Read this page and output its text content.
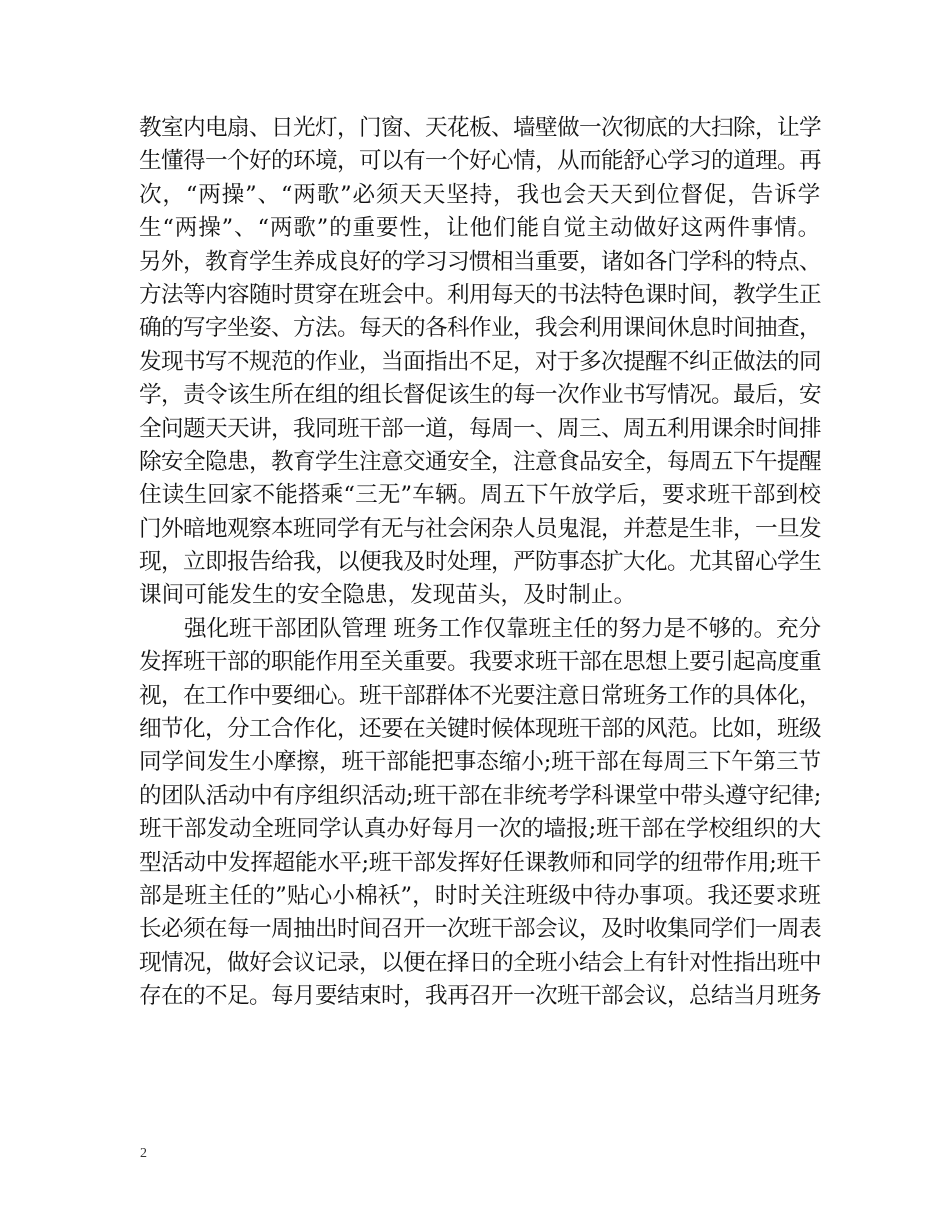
教室内电扇、日光灯，门窗、天花板、墙壁做一次彻底的大扫除，让学
生懂得一个好的环境，可以有一个好心情，从而能舒心学习的道理。再
次，“两操”、“两歌”必须天天坚持，我也会天天到位督促，告诉学
生“两操”、“两歌”的重要性，让他们能自觉主动做好这两件事情。
另外，教育学生养成良好的学习习惯相当重要，诸如各门学科的特点、
方法等内容随时贯穿在班会中。利用每天的书法特色课时间，教学生正
确的写字坐姿、方法。每天的各科作业，我会利用课间休息时间抽查，
发现书写不规范的作业，当面指出不足，对于多次提醒不纠正做法的同
学，责令该生所在组的组长督促该生的每一次作业书写情况。最后，安
全问题天天讲，我同班干部一道，每周一、周三、周五利用课余时间排
除安全隐患，教育学生注意交通安全，注意食品安全，每周五下午提醒
住读生回家不能搭乘“三无”车辆。周五下午放学后，要求班干部到校
门外暗地观察本班同学有无与社会闲杂人员鬼混，并惹是生非，一旦发
现，立即报告给我，以便我及时处理，严防事态扩大化。尤其留心学生
课间可能发生的安全隐患，发现苗头，及时制止。
强化班干部团队管理 班务工作仅靠班主任的努力是不够的。充分
发挥班干部的职能作用至关重要。我要求班干部在思想上要引起高度重
视，在工作中要细心。班干部群体不光要注意日常班务工作的具体化，
细节化，分工合作化，还要在关键时候体现班干部的风范。比如，班级
同学间发生小摩擦，班干部能把事态缩小;班干部在每周三下午第三节
的团队活动中有序组织活动;班干部在非统考学科课堂中带头遵守纪律;
班干部发动全班同学认真办好每月一次的墙报;班干部在学校组织的大
型活动中发挥超能水平;班干部发挥好任课教师和同学的纽带作用;班干
部是班主任的”贴心小棉袄”，时时关注班级中待办事项。我还要求班
长必须在每一周抽出时间召开一次班干部会议，及时收集同学们一周表
现情况，做好会议记录，以便在择日的全班小结会上有针对性指出班中
存在的不足。每月要结束时，我再召开一次班干部会议，总结当月班务
2
